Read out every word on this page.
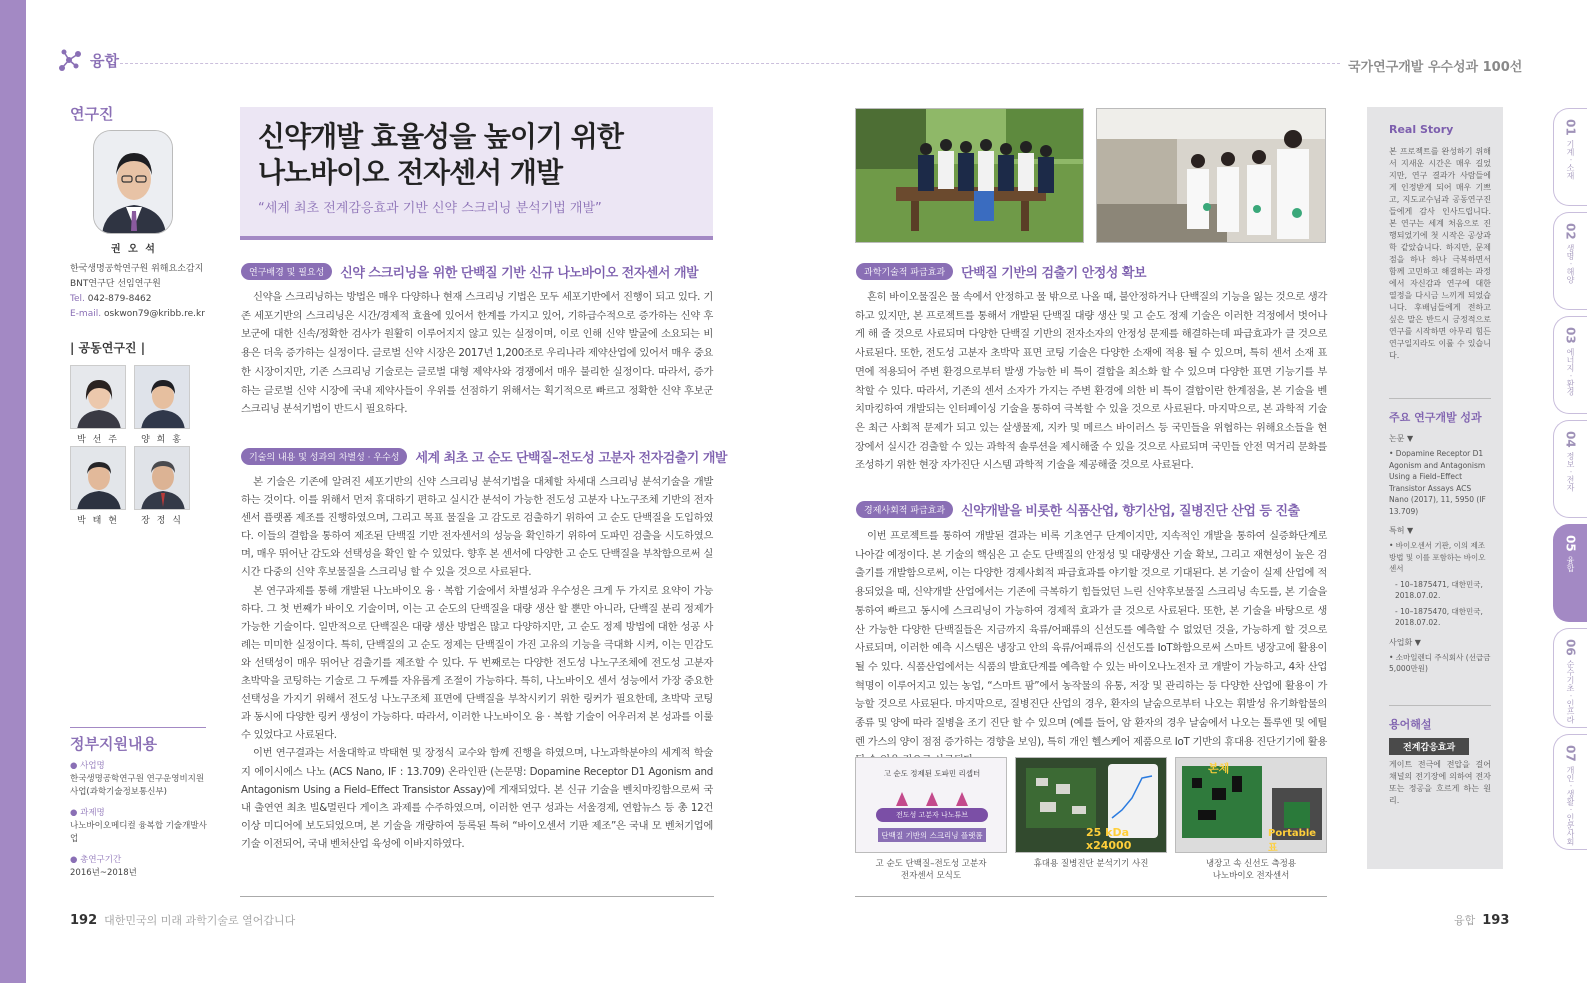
융합	국가연구개발 우수성과 100선
연구진
권 오 석
한국생명공학연구원 위해요소감지
BNT연구단 선임연구원
Tel. 042-879-8462
E-mail. oskwon79@kribb.re.kr
| 공동연구진 |
박 선 주	양 희 홍
박 태 현	장 정 식
정부지원내용
● 사업명
한국생명공학연구원 연구운영비지원사업(과학기술정보통신부)
● 과제명
나노바이오메디컬 융복합 기술개발사업
● 총연구기간
2016년~2018년
신약개발 효율성을 높이기 위한
나노바이오 전자센서 개발
“세계 최초 전계감응효과 기반 신약 스크리닝 분석기법 개발”
연구배경 및 필요성	신약 스크리닝을 위한 단백질 기반 신규 나노바이오 전자센서 개발

신약을 스크리닝하는 방법은 매우 다양하나 현재 스크리닝 기법은 모두 세포기반에서 진행이 되고 있다. 기존 세포기반의 스크리닝은 시간/경제적 효율에 있어서 한계를 가지고 있어, 기하급수적으로 증가하는 신약 후보군에 대한 신속/정확한 검사가 원활히 이루어지지 않고 있는 실정이며, 이로 인해 신약 발굴에 소요되는 비용은 더욱 증가하는 실정이다. 글로벌 신약 시장은 2017년 1,200조로 우리나라 제약산업에 있어서 매우 중요한 시장이지만, 기존 스크리닝 기술로는 글로벌 대형 제약사와 경쟁에서 매우 불리한 실정이다. 따라서, 증가하는 글로벌 신약 시장에 국내 제약사들이 우위를 선점하기 위해서는 획기적으로 빠르고 정확한 신약 후보군 스크리닝 분석기법이 반드시 필요하다.

기술의 내용 및 성과의 차별성 · 우수성	세계 최초 고 순도 단백질–전도성 고분자 전자검출기 개발

본 기술은 기존에 알려진 세포기반의 신약 스크리닝 분석기법을 대체할 차세대 스크리닝 분석기술을 개발하는 것이다. 이를 위해서 먼저 휴대하기 편하고 실시간 분석이 가능한 전도성 고분자 나노구조체 기반의 전자센서 플랫폼 제조를 진행하였으며, 그리고 목표 물질을 고 감도로 검출하기 위하여 고 순도 단백질을 도입하였다. 이들의 결합을 통하여 제조된 단백질 기반 전자센서의 성능을 확인하기 위하여 도파민 검출을 시도하였으며, 매우 뛰어난 감도와 선택성을 확인 할 수 있었다. 향후 본 센서에 다양한 고 순도 단백질을 부착함으로써 실시간 다중의 신약 후보물질을 스크리닝 할 수 있을 것으로 사료된다.

본 연구과제를 통해 개발된 나노바이오 융 · 복합 기술에서 차별성과 우수성은 크게 두 가지로 요약이 가능하다. 그 첫 번째가 바이오 기술이며, 이는 고 순도의 단백질을 대량 생산 할 뿐만 아니라, 단백질 분리 정제가 가능한 기술이다. 일반적으로 단백질은 대량 생산 방법은 많고 다양하지만, 고 순도 정제 방법에 대한 성공 사례는 미미한 실정이다. 특히, 단백질의 고 순도 정제는 단백질이 가진 고유의 기능을 극대화 시켜, 이는 민감도와 선택성이 매우 뛰어난 검출기를 제조할 수 있다. 두 번째로는 다양한 전도성 나노구조체에 전도성 고분자 초박막을 코팅하는 기술로 그 두께를 자유롭게 조절이 가능하다. 특히, 나노바이오 센서 성능에서 가장 중요한 선택성을 가지기 위해서 전도성 나노구조체 표면에 단백질을 부착시키기 위한 링커가 필요한데, 초박막 코팅과 동시에 다양한 링커 생성이 가능하다. 따라서, 이러한 나노바이오 융 · 복합 기술이 어우러져 본 성과를 이룰 수 있었다고 사료된다.

이번 연구결과는 서울대학교 박태현 및 장정식 교수와 함께 진행을 하였으며, 나노과학분야의 세계적 학술지 에이시에스 나노 (ACS Nano, IF : 13.709) 온라인판 (논문명: Dopamine Receptor D1 Agonism and Antagonism Using a Field–Effect Transistor Assay)에 게재되었다. 본 신규 기술을 벤치마킹함으로써 국내 출연연 최초 빌&멀린다 게이츠 과제를 수주하였으며, 이러한 연구 성과는 서울경제, 연합뉴스 등 총 12건 이상 미디어에 보도되었으며, 본 기술을 개량하여 등록된 특허 “바이오센서 기판 제조”은 국내 모 벤처기업에 기술 이전되어, 국내 벤처산업 육성에 이바지하였다.

과학기술적 파급효과	단백질 기반의 검출기 안정성 확보

흔히 바이오물질은 물 속에서 안정하고 물 밖으로 나올 때, 불안정하거나 단백질의 기능을 잃는 것으로 생각하고 있지만, 본 프로젝트를 통해서 개발된 단백질 대량 생산 및 고 순도 정제 기술은 이러한 걱정에서 벗어나게 해 줄 것으로 사료되며 다양한 단백질 기반의 전자소자의 안정성 문제를 해결하는데 파급효과가 클 것으로 사료된다. 또한, 전도성 고분자 초박막 표면 코팅 기술은 다양한 소재에 적용 될 수 있으며, 특히 센서 소재 표면에 적용되어 주변 환경으로부터 발생 가능한 비 특이 결합을 최소화 할 수 있으며 다양한 표면 기능기를 부착할 수 있다. 따라서, 기존의 센서 소자가 가지는 주변 환경에 의한 비 특이 결합이란 한계점을, 본 기술을 벤치마킹하여 개발되는 인터페이싱 기술을 통하여 극복할 수 있을 것으로 사료된다. 마지막으로, 본 과학적 기술은 최근 사회적 문제가 되고 있는 살생물제, 지카 및 메르스 바이러스 등 국민들을 위협하는 위해요소들을 현장에서 실시간 검출할 수 있는 과학적 솔루션을 제시해줄 수 있을 것으로 사료되며 국민들 안전 먹거리 문화를 조성하기 위한 현장 자가진단 시스템 과학적 기술을 제공해줄 것으로 사료된다.

경제사회적 파급효과	신약개발을 비롯한 식품산업, 향기산업, 질병진단 산업 등 진출

이번 프로젝트를 통하여 개발된 결과는 비록 기초연구 단계이지만, 지속적인 개발을 통하여 실증화단계로 나아갈 예정이다. 본 기술의 핵심은 고 순도 단백질의 안정성 및 대량생산 기술 확보, 그리고 재현성이 높은 검출기를 개발함으로써, 이는 다양한 경제사회적 파급효과를 야기할 것으로 기대된다. 본 기술이 실제 산업에 적용되었을 때, 신약개발 산업에서는 기존에 극복하기 힘들었던 느린 신약후보물질 스크리닝 속도를, 본 기술을 통하여 빠르고 동시에 스크리닝이 가능하여 경제적 효과가 클 것으로 사료된다. 또한, 본 기술을 바탕으로 생산 가능한 다양한 단백질들은 지금까지 육류/어패류의 신선도를 예측할 수 없었던 것을, 가능하게 할 것으로 사료되며, 이러한 예측 시스템은 냉장고 안의 육류/어패류의 신선도를 IoT화함으로써 스마트 냉장고에 활용이 될 수 있다. 식품산업에서는 식품의 발효단계를 예측할 수 있는 바이오나노전자 코 개발이 가능하고, 4차 산업혁명이 이루어지고 있는 농업, “스마트 팜”에서 농작물의 유통, 저장 및 관리하는 등 다양한 산업에 활용이 가능할 것으로 사료된다. 마지막으로, 질병진단 산업의 경우, 환자의 날숨으로부터 나오는 휘발성 유기화합물의 종류 및 양에 따라 질병을 조기 진단 할 수 있으며 (예를 들어, 암 환자의 경우 날숨에서 나오는 톨루엔 및 에틸렌 가스의 양이 점점 증가하는 경향을 보임), 특히 개인 헬스케어 제품으로 IoT 기반의 휴대용 진단기기에 활용

고 순도 정제된 도파민 리셉터
전도성 고분자 나노튜브
단백질 기반의 스크리닝 플랫폼	25 kDa
x24000
본체
Portable 표
고 순도 단백질–전도성 고분자
전자센서 모식도
휴대용 질병진단 분석기기 사진	냉장고 속 신선도 측정용
나노바이오 전자센서
Real Story
본 프로젝트를 완성하기 위해서 지새운 시간은 매우 길었지만, 연구 결과가 사람들에게 인정받게 되어 매우 기쁘고, 지도교수님과 공동연구진들에게 감사 인사드립니다. 본 연구는 세계 처음으로 진행되었기에 첫 시작은 공상과학 같았습니다. 하지만, 문제점을 하나 하나 극복하면서 함께 고민하고 해결하는 과정에서 자신감과 연구에 대한 열정을 다시금 느끼게 되었습니다. 후배님들에게 전하고 싶은 말은 반드시 긍정적으로 연구를 시작하면 아무리 힘든 연구일지라도 이룰 수 있습니다.
주요 연구개발 성과
논문 ▼
• Dopamine Receptor D1 Agonism and Antagonism Using a Field–Effect Transistor Assays ACS Nano (2017), 11, 5950 (IF 13.709)
특허 ▼
• 바이오센서 기판, 이의 제조방법 및 이를 포함하는 바이오센서
- 10–1875471, 대한민국, 2018.07.02.
- 10–1875470, 대한민국, 2018.07.02.
사업화 ▼
• 소마일렌디 주식회사 (선급금 5,000만원)
용어해설
전계감응효과
게이트 전극에 전압을 걸어 채널의 전기장에 의하여 전자 또는 정공을 흐르게 하는 원리.
01
기계 · 소재
02
생명 · 해양
03
에너지 · 환경
04
정보 · 전자
05
융합
06
순수기초 · 인프라
07
개인 · 생활 · 인문사회
192 대한민국의 미래 과학기술로 열어갑니다	융합 193
